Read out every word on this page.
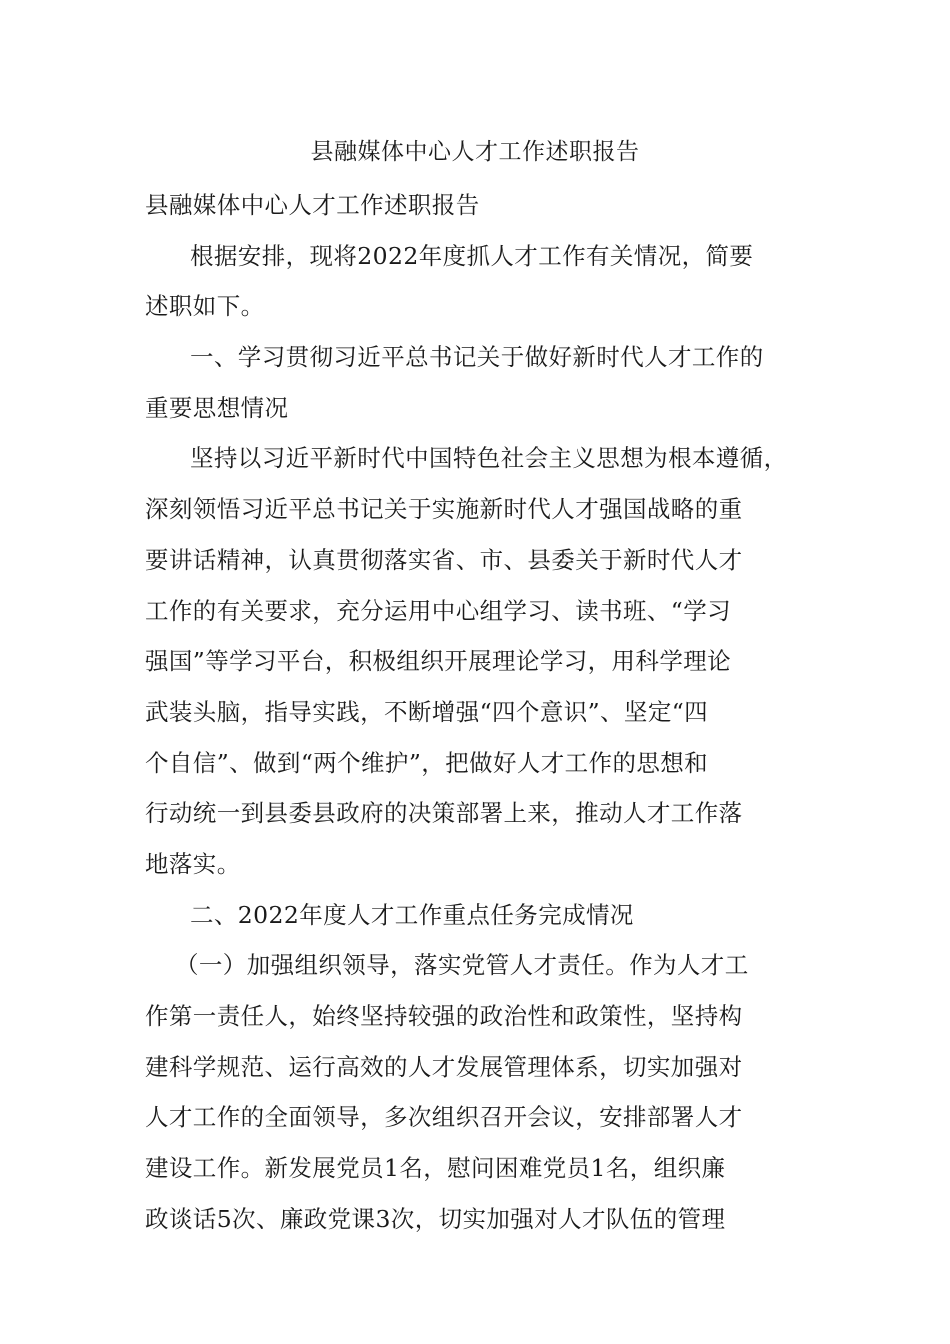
县融媒体中心人才工作述职报告
县融媒体中心人才工作述职报告
根据安排，现将2022年度抓人才工作有关情况，简要
述职如下。
一、学习贯彻习近平总书记关于做好新时代人才工作的
重要思想情况
坚持以习近平新时代中国特色社会主义思想为根本遵循，
深刻领悟习近平总书记关于实施新时代人才强国战略的重
要讲话精神，认真贯彻落实省、市、县委关于新时代人才
工作的有关要求，充分运用中心组学习、读书班、“学习
强国”等学习平台，积极组织开展理论学习，用科学理论
武装头脑，指导实践，不断增强“四个意识”、坚定“四
个自信”、做到“两个维护”，把做好人才工作的思想和
行动统一到县委县政府的决策部署上来，推动人才工作落
地落实。
二、2022年度人才工作重点任务完成情况
（一）加强组织领导，落实党管人才责任。作为人才工
作第一责任人，始终坚持较强的政治性和政策性，坚持构
建科学规范、运行高效的人才发展管理体系，切实加强对
人才工作的全面领导，多次组织召开会议，安排部署人才
建设工作。新发展党员1名，慰问困难党员1名，组织廉
政谈话5次、廉政党课3次，切实加强对人才队伍的管理
